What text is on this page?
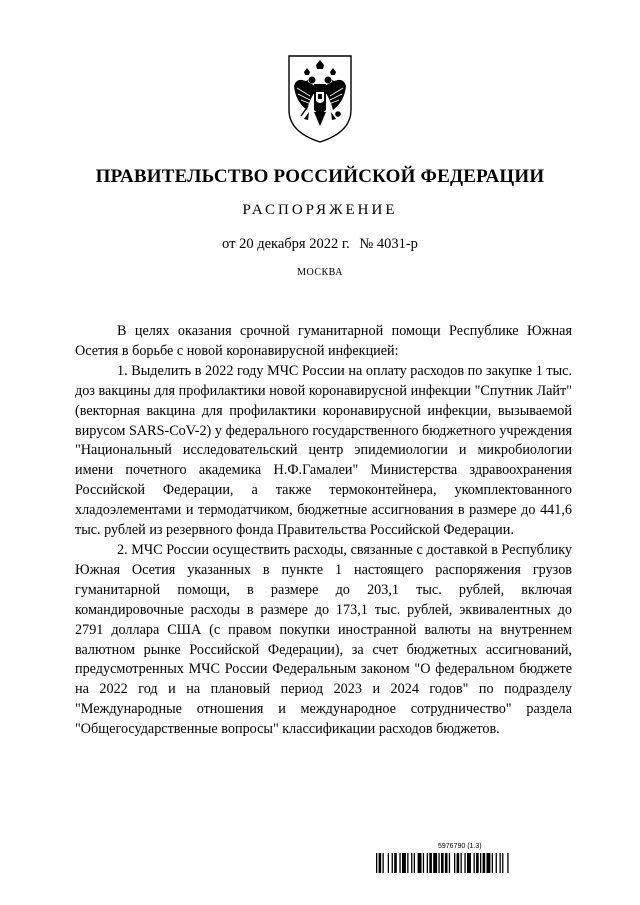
ПРАВИТЕЛЬСТВО РОССИЙСКОЙ ФЕДЕРАЦИИ
РАСПОРЯЖЕНИЕ
от 20 декабря 2022 г. № 4031-р
МОСКВА

В целях оказания срочной гуманитарной помощи Республике Южная Осетия в борьбе с новой коронавирусной инфекцией:

1. Выделить в 2022 году МЧС России на оплату расходов по закупке 1 тыс. доз вакцины для профилактики новой коронавирусной инфекции "Спутник Лайт" (векторная вакцина для профилактики коронавирусной инфекции, вызываемой вирусом SARS-CoV-2) у федерального государственного бюджетного учреждения "Национальный исследовательский центр эпидемиологии и микробиологии имени почетного академика Н.Ф.Гамалеи" Министерства здравоохранения Российской Федерации, а также термоконтейнера, укомплектованного хладоэлементами и термодатчиком, бюджетные ассигнования в размере до 441,6 тыс. рублей из резервного фонда Правительства Российской Федерации.

2. МЧС России осуществить расходы, связанные с доставкой в Республику Южная Осетия указанных в пункте 1 настоящего распоряжения грузов гуманитарной помощи, в размере до 203,1 тыс. рублей, включая командировочные расходы в размере до 173,1 тыс. рублей, эквивалентных до 2791 доллара США (с правом покупки иностранной валюты на внутреннем валютном рынке Российской Федерации), за счет бюджетных ассигнований, предусмотренных МЧС России Федеральным законом "О федеральном бюджете на 2022 год и на плановый период 2023 и 2024 годов" по подразделу "Международные отношения и международное сотрудничество" раздела "Общегосударственные вопросы" классификации расходов бюджетов.

5976790 (1.3)
